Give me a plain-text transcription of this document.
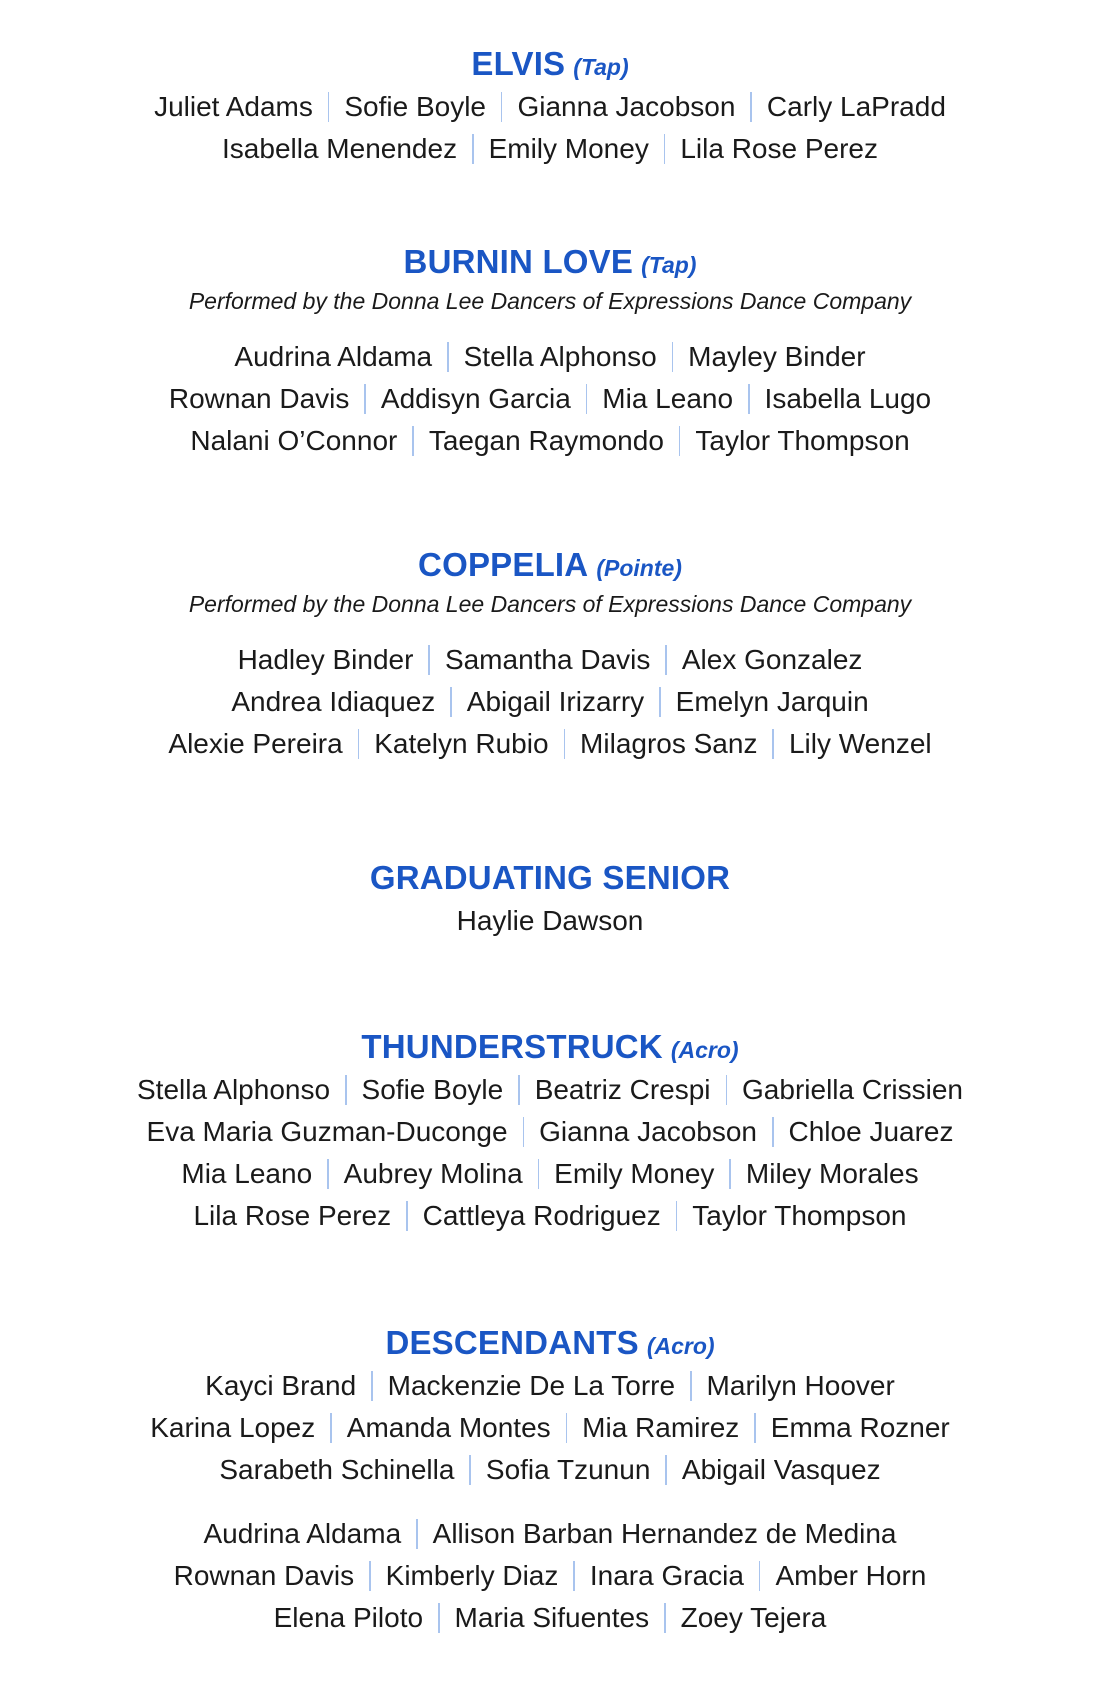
ELVIS (Tap)
Juliet Adams Sofie Boyle Gianna Jacobson Carly LaPradd
Isabella Menendez Emily Money Lila Rose Perez
BURNIN LOVE (Tap)
Performed by the Donna Lee Dancers of Expressions Dance Company
Audrina Aldama Stella Alphonso Mayley Binder
Rownan Davis Addisyn Garcia Mia Leano Isabella Lugo
Nalani O’Connor Taegan Raymondo Taylor Thompson
COPPELIA (Pointe)
Performed by the Donna Lee Dancers of Expressions Dance Company
Hadley Binder Samantha Davis Alex Gonzalez
Andrea Idiaquez Abigail Irizarry Emelyn Jarquin
Alexie Pereira Katelyn Rubio Milagros Sanz Lily Wenzel
GRADUATING SENIOR
Haylie Dawson
THUNDERSTRUCK (Acro)
Stella Alphonso Sofie Boyle Beatriz Crespi Gabriella Crissien
Eva Maria Guzman-Duconge Gianna Jacobson Chloe Juarez
Mia Leano Aubrey Molina Emily Money Miley Morales
Lila Rose Perez Cattleya Rodriguez Taylor Thompson
DESCENDANTS (Acro)
Kayci Brand Mackenzie De La Torre Marilyn Hoover
Karina Lopez Amanda Montes Mia Ramirez Emma Rozner
Sarabeth Schinella Sofia Tzunun Abigail Vasquez
Audrina Aldama Allison Barban Hernandez de Medina
Rownan Davis Kimberly Diaz Inara Gracia Amber Horn
Elena Piloto Maria Sifuentes Zoey Tejera
